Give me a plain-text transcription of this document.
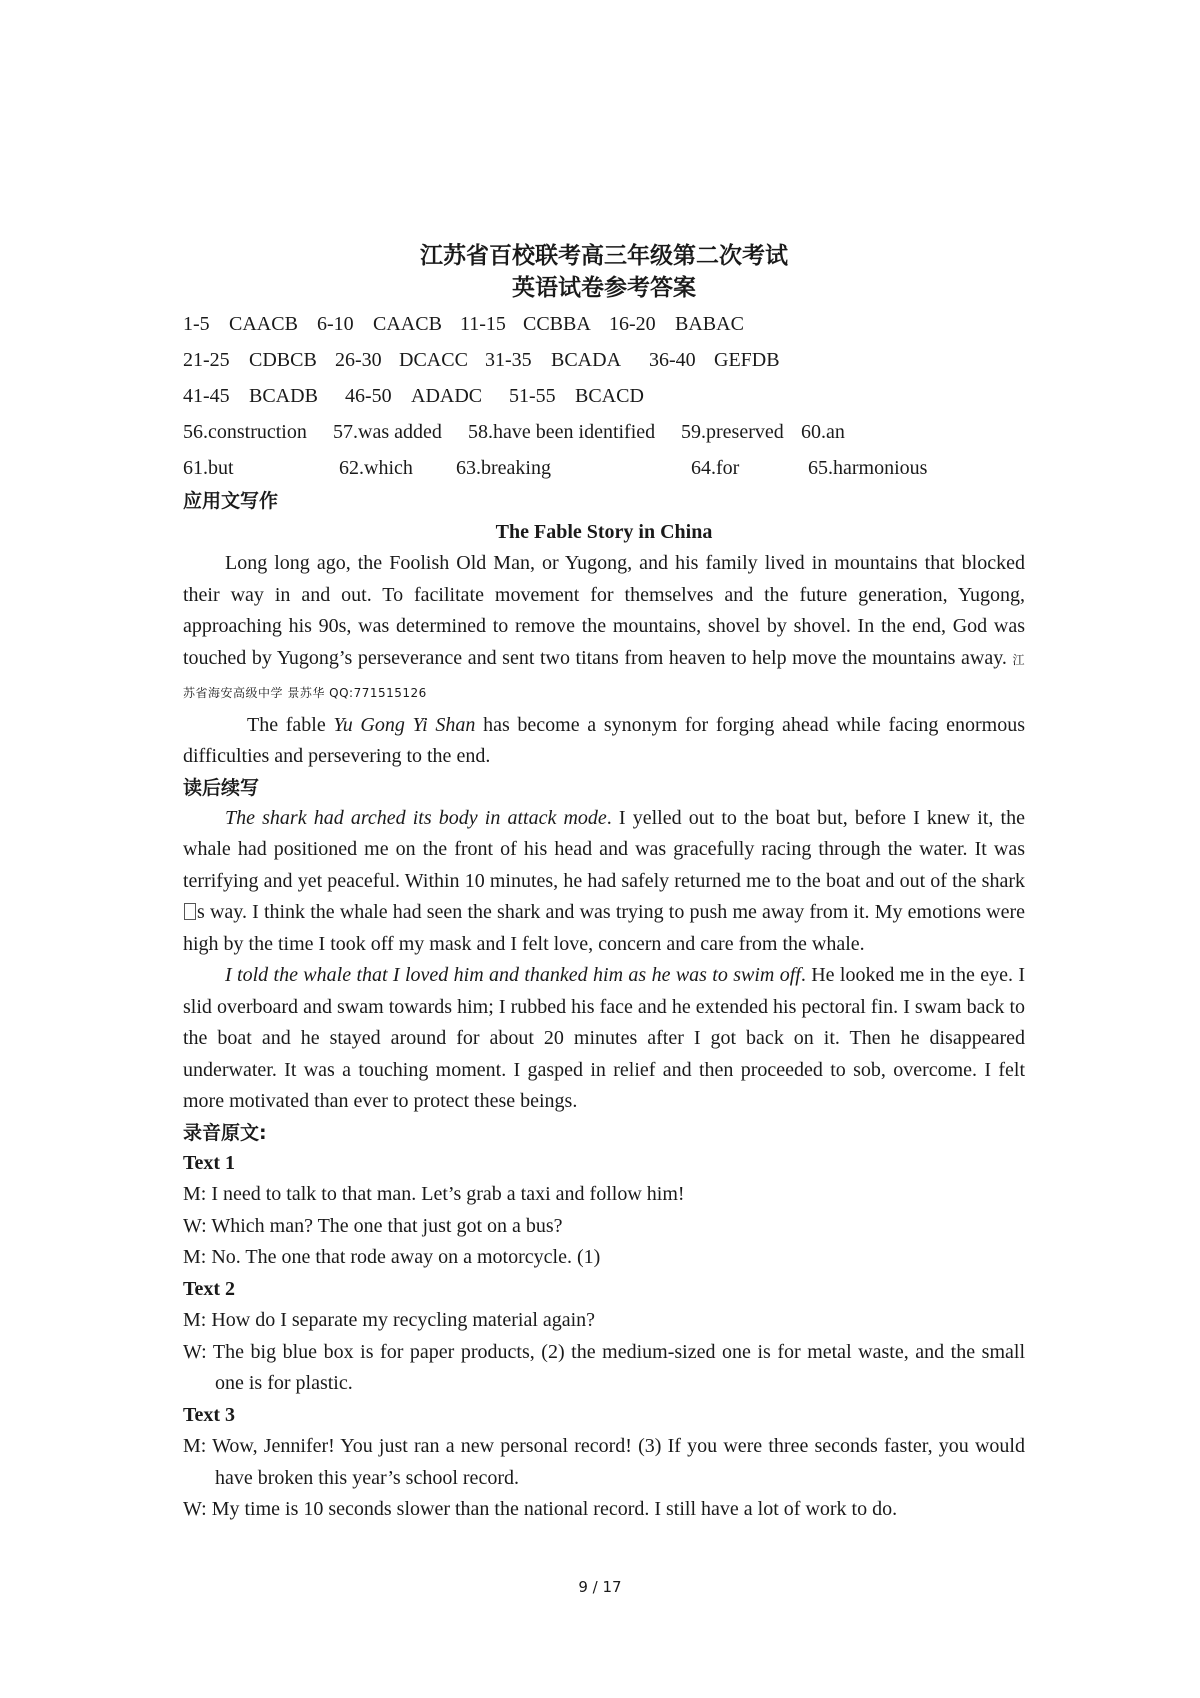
江苏省百校联考高三年级第二次考试
英语试卷参考答案
1-5 CAACB 6-10 CAACB 11-15 CCBBA 16-20 BABAC
21-25 CDBCB 26-30 DCACC 31-35 BCADA 36-40 GEFDB
41-45 BCADB 46-50 ADADC 51-55 BCACD
56.construction 57.was added 58.have been identified 59.preserved 60.an
61.but	62.which 63.breaking	64.for	65.harmonious
应用文写作
The Fable Story in China

Long long ago, the Foolish Old Man, or Yugong, and his family lived in mountains that blocked their way in and out. To facilitate movement for themselves and the future generation, Yugong, approaching his 90s, was determined to remove the mountains, shovel by shovel. In the end, God was touched by Yugong’s perseverance and sent two titans from heaven to help move the mountains away. 江苏省海安高级中学 景苏华 QQ:771515126

The fable Yu Gong Yi Shan has become a synonym for forging ahead while facing enormous difficulties and persevering to the end.

读后续写

The shark had arched its body in attack mode. I yelled out to the boat but, before I knew it, the whale had positioned me on the front of his head and was gracefully racing through the water. It was terrifying and yet peaceful. Within 10 minutes, he had safely returned me to the boat and out of the sharks way. I think the whale had seen the shark and was trying to push me away from it. My emotions were high by the time I took off my mask and I felt love, concern and care from the whale.

I told the whale that I loved him and thanked him as he was to swim off. He looked me in the eye. I slid overboard and swam towards him; I rubbed his face and he extended his pectoral fin. I swam back to the boat and he stayed around for about 20 minutes after I got back on it. Then he disappeared underwater. It was a touching moment. I gasped in relief and then proceeded to sob, overcome. I felt more motivated than ever to protect these beings.

录音原文:
Text 1
M: I need to talk to that man. Let’s grab a taxi and follow him!
W: Which man? The one that just got on a bus?
M: No. The one that rode away on a motorcycle. (1)
Text 2
M: How do I separate my recycling material again?
W: The big blue box is for paper products, (2) the medium-sized one is for metal waste, and the small one is for plastic.
Text 3
M: Wow, Jennifer! You just ran a new personal record! (3) If you were three seconds faster, you would have broken this year’s school record.
W: My time is 10 seconds slower than the national record. I still have a lot of work to do.
9 / 17
